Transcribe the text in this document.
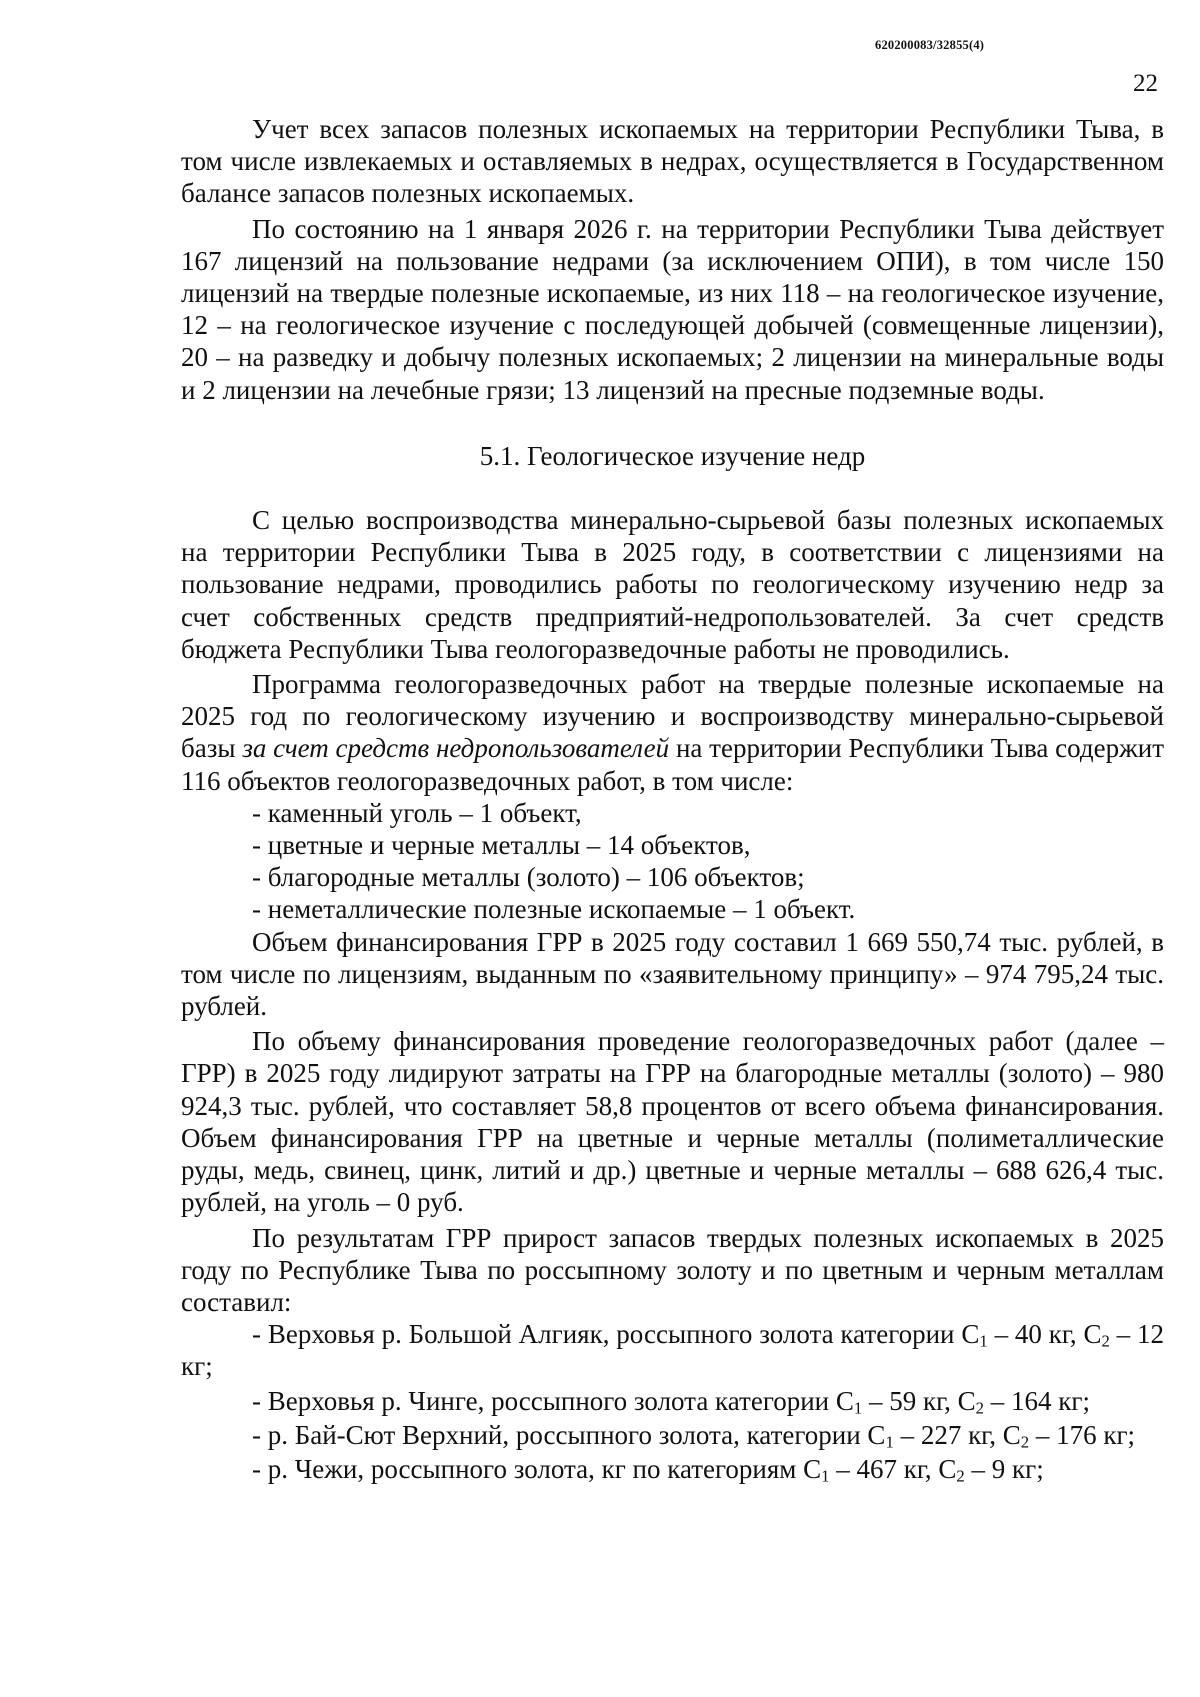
620200083/32855(4)
22

Учет всех запасов полезных ископаемых на территории Республики Тыва, в том числе извлекаемых и оставляемых в недрах, осуществляется в Государственном балансе запасов полезных ископаемых.

По состоянию на 1 января 2026 г. на территории Республики Тыва действует 167 лицензий на пользование недрами (за исключением ОПИ), в том числе 150 лицензий на твердые полезные ископаемые, из них 118 – на геологическое изучение, 12 – на геологическое изучение с последующей добычей (совмещенные лицензии), 20 – на разведку и добычу полезных ископаемых; 2 лицензии на минеральные воды и 2 лицензии на лечебные грязи; 13 лицензий на пресные подземные воды.

5.1. Геологическое изучение недр

С целью воспроизводства минерально-сырьевой базы полезных ископаемых на территории Республики Тыва в 2025 году, в соответствии с лицензиями на пользование недрами, проводились работы по геологическому изучению недр за счет собственных средств предприятий-недропользователей. За счет средств бюджета Республики Тыва геологоразведочные работы не проводились.

Программа геологоразведочных работ на твердые полезные ископаемые на 2025 год по геологическому изучению и воспроизводству минерально-сырьевой базы за счет средств недропользователей на территории Республики Тыва содержит 116 объектов геологоразведочных работ, в том числе:

- каменный уголь – 1 объект,

- цветные и черные металлы – 14 объектов,

- благородные металлы (золото) – 106 объектов;

- неметаллические полезные ископаемые – 1 объект.

Объем финансирования ГРР в 2025 году составил 1 669 550,74 тыс. рублей, в том числе по лицензиям, выданным по «заявительному принципу» – 974 795,24 тыс. рублей.

По объему финансирования проведение геологоразведочных работ (далее – ГРР) в 2025 году лидируют затраты на ГРР на благородные металлы (золото) – 980 924,3 тыс. рублей, что составляет 58,8 процентов от всего объема финансирования. Объем финансирования ГРР на цветные и черные металлы (полиметаллические руды, медь, свинец, цинк, литий и др.) цветные и черные металлы – 688 626,4 тыс. рублей, на уголь – 0 руб.

По результатам ГРР прирост запасов твердых полезных ископаемых в 2025 году по Республике Тыва по россыпному золоту и по цветным и черным металлам составил:

- Верховья р. Большой Алгияк, россыпного золота категории $C_1 - 40$ кг, $C_2 - 12$ кг;

- Верховья р. Чинге, россыпного золота категории $C_1 - 59$ кг, $C_2 - 164$ кг;

- р. Бай-Сют Верхний, россыпного золота, категории $C_1 - 227$ кг, $C_2 - 176$ кг;

- р. Чежи, россыпного золота, кг по категориям $C_1 - 467$ кг, $C_2 - 9$ кг;
